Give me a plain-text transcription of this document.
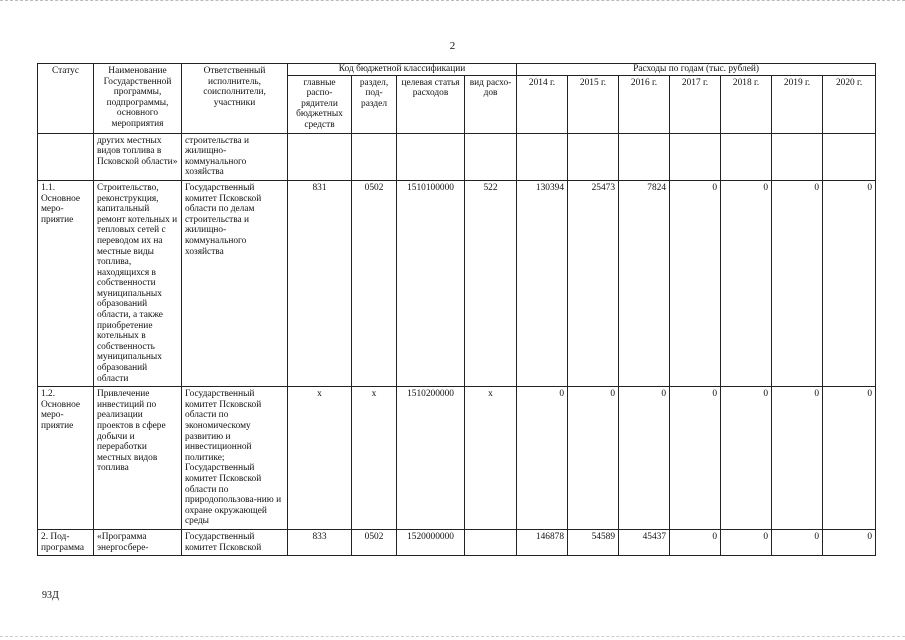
2
Статус	Наименование Государственной программы, подпрограммы, основного мероприятия	Ответственный исполнитель, соисполнители, участники	Код бюджетной классификации				Расходы по годам (тыс. рублей)						
			главные распо-рядители бюджетных средств	раздел, под-раздел	целевая статья расходов	вид расхо-дов	2014 г.	2015 г.	2016 г.	2017 г.	2018 г.	2019 г.	2020 г.
	других местных видов топлива в Псковской области»	строительства и жилищно-коммунального хозяйства											
1.1. Основное меро-приятие	Строительство, реконструкция, капитальный ремонт котельных и тепловых сетей с переводом их на местные виды топлива, находящихся в собственности муниципальных образований области, а также приобретение котельных в собственность муниципальных образований области	Государственный комитет Псковской области по делам строительства и жилищно-коммунального хозяйства	831	0502	1510100000	522	130394	25473	7824	0	0	0	0
1.2. Основное меро-приятие	Привлечение инвестиций по реализации проектов в сфере добычи и переработки местных видов топлива	Государственный комитет Псковской области по экономическому развитию и инвестиционной политике; Государственный комитет Псковской области по природопользова-нию и охране окружающей среды	х	х	1510200000	х	0	0	0	0	0	0	0
2. Под-программа	«Программа энергосбере-	Государственный комитет Псковской	833	0502	1520000000		146878	54589	45437	0	0	0	0
93Д
